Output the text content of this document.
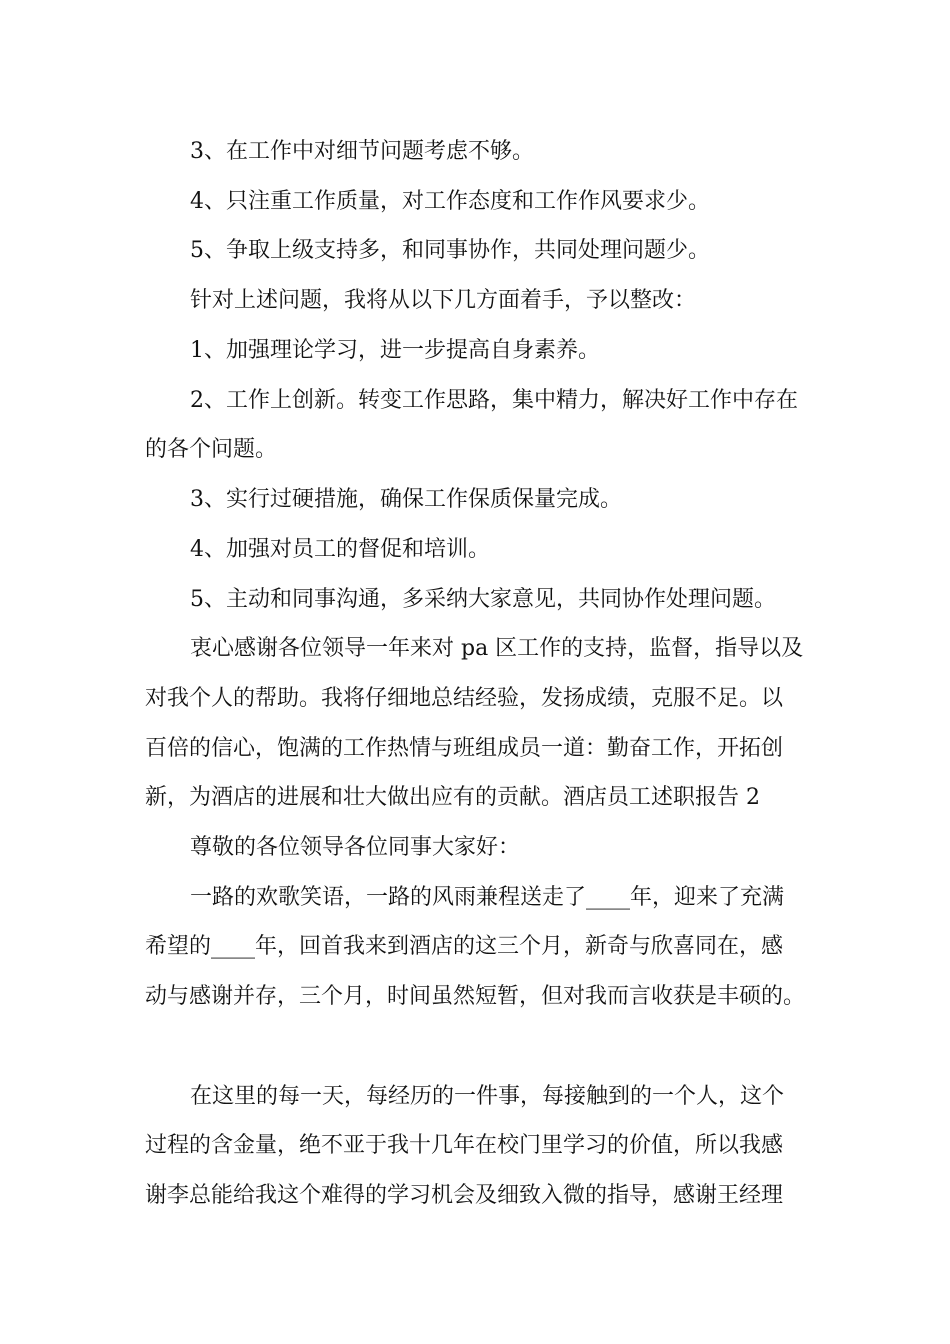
3、在工作中对细节问题考虑不够。
4、只注重工作质量，对工作态度和工作作风要求少。
5、争取上级支持多，和同事协作，共同处理问题少。
针对上述问题，我将从以下几方面着手，予以整改：
1、加强理论学习，进一步提高自身素养。
2、工作上创新。转变工作思路，集中精力，解决好工作中存在
的各个问题。
3、实行过硬措施，确保工作保质保量完成。
4、加强对员工的督促和培训。
5、主动和同事沟通，多采纳大家意见，共同协作处理问题。
衷心感谢各位领导一年来对 pa 区工作的支持，监督，指导以及
对我个人的帮助。我将仔细地总结经验，发扬成绩，克服不足。以
百倍的信心，饱满的工作热情与班组成员一道：勤奋工作，开拓创
新，为酒店的进展和壮大做出应有的贡献。酒店员工述职报告 2
尊敬的各位领导各位同事大家好：
一路的欢歌笑语，一路的风雨兼程送走了____年，迎来了充满
希望的____年，回首我来到酒店的这三个月，新奇与欣喜同在，感
动与感谢并存，三个月，时间虽然短暂，但对我而言收获是丰硕的。
在这里的每一天，每经历的一件事，每接触到的一个人，这个
过程的含金量，绝不亚于我十几年在校门里学习的价值，所以我感
谢李总能给我这个难得的学习机会及细致入微的指导，感谢王经理
